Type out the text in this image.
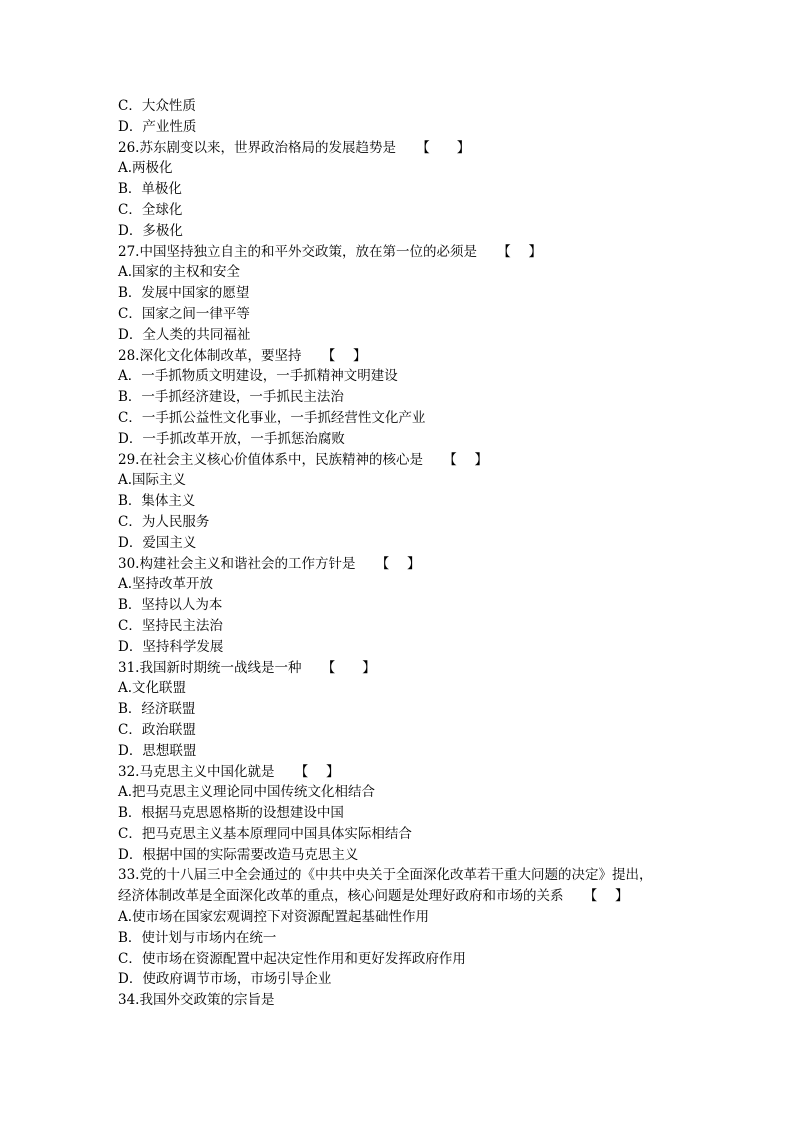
C．大众性质
D．产业性质
26.苏东剧变以来，世界政治格局的发展趋势是　　【　　】
A.两极化
B．单极化
C．全球化
D．多极化
27.中国坚持独立自主的和平外交政策，放在第一位的必须是　　【　 】
A.国家的主权和安全
B．发展中国家的愿望
C．国家之间一律平等
D．全人类的共同福祉
28.深化文化体制改革，要坚持　　【　 】
A．一手抓物质文明建设，一手抓精神文明建设
B．一手抓经济建设，一手抓民主法治
C．一手抓公益性文化事业，一手抓经营性文化产业
D．一手抓改革开放，一手抓惩治腐败
29.在社会主义核心价值体系中，民族精神的核心是　　【　 】
A.国际主义
B．集体主义
C．为人民服务
D．爱国主义
30.构建社会主义和谐社会的工作方针是　　【　 】
A.坚持改革开放
B．坚持以人为本
C．坚持民主法治
D．坚持科学发展
31.我国新时期统一战线是一种　　【　　】
A.文化联盟
B．经济联盟
C．政治联盟
D．思想联盟
32.马克思主义中国化就是　　【　 】
A.把马克思主义理论同中国传统文化相结合
B．根据马克思恩格斯的设想建设中国
C．把马克思主义基本原理同中国具体实际相结合
D．根据中国的实际需要改造马克思主义
33.党的十八届三中全会通过的《中共中央关于全面深化改革若干重大问题的决定》提出，
经济体制改革是全面深化改革的重点，核心问题是处理好政府和市场的关系　　【　 】
A.使市场在国家宏观调控下对资源配置起基础性作用
B．使计划与市场内在统一
C．使市场在资源配置中起决定性作用和更好发挥政府作用
D．使政府调节市场，市场引导企业
34.我国外交政策的宗旨是
